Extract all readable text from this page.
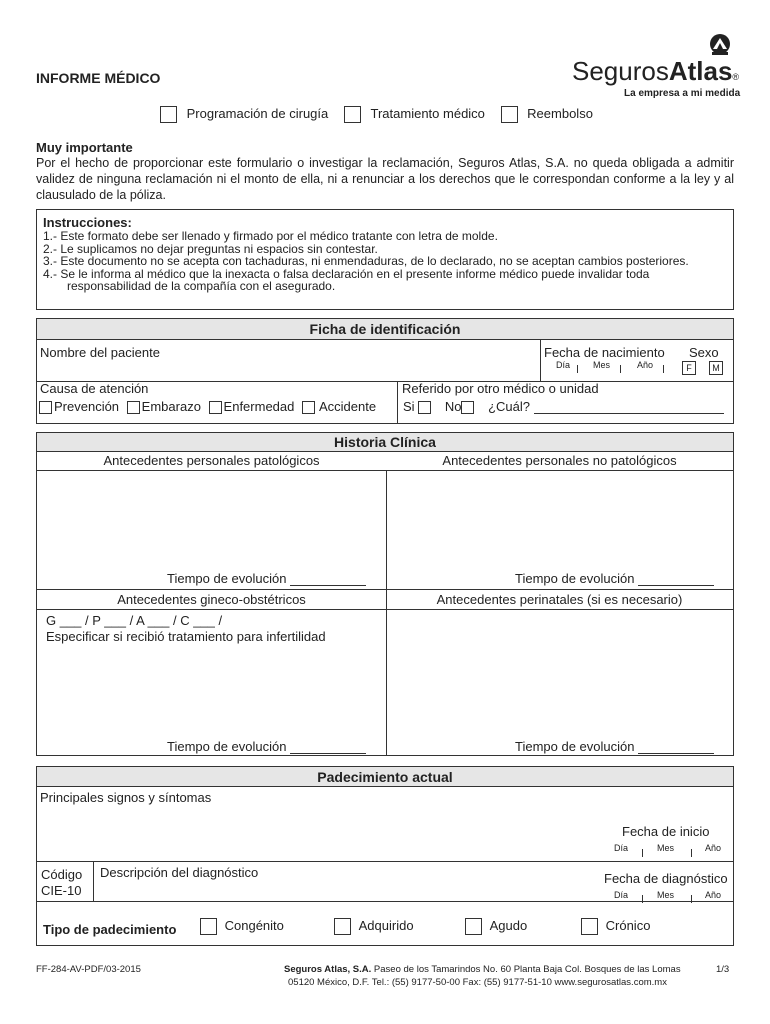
INFORME MÉDICO	SegurosAtlas®
La empresa a mi medida
Programación de cirugía	Tratamiento médico	Reembolso
Muy importante
Por el hecho de proporcionar este formulario o investigar la reclamación, Seguros Atlas, S.A. no queda obligada a admitir validez de ninguna reclamación ni el monto de ella, ni a renunciar a los derechos que le correspondan conforme a la ley y al clausulado de la póliza.
Instrucciones:
1.- Este formato debe ser llenado y firmado por el médico tratante con letra de molde.
2.- Le suplicamos no dejar preguntas ni espacios sin contestar.
3.- Este documento no se acepta con tachaduras, ni enmendaduras, de lo declarado, no se aceptan cambios posteriores.
4.- Se le informa al médico que la inexacta o falsa declaración en el presente informe médico puede invalidar toda responsabilidad de la compañía con el asegurado.
Ficha de identificación
Nombre del paciente	Fecha de nacimiento Sexo
Día	Mes	Año	F	M
Causa de atención
Prevención Embarazo Enfermedad Accidente
Referido por otro médico o unidad
Si No ¿Cuál?
Historia Clínica
Antecedentes personales patológicos	Antecedentes personales no patológicos
Tiempo de evolución	Tiempo de evolución
Antecedentes gineco-obstétricos	Antecedentes perinatales (si es necesario)
G ___ / P ___ / A ___ / C ___ /
Especificar si recibió tratamiento para infertilidad
Tiempo de evolución	Tiempo de evolución
Padecimiento actual
Principales signos y síntomas
Fecha de inicio
Día	Mes	Año
Código
CIE-10
Descripción del diagnóstico	Fecha de diagnóstico
Día	Mes	Año
Tipo de padecimiento	Congénito	Adquirido	Agudo	Crónico
FF-284-AV-PDF/03-2015	Seguros Atlas, S.A. Paseo de los Tamarindos No. 60 Planta Baja Col. Bosques de las Lomas
05120 México, D.F. Tel.: (55) 9177-50-00 Fax: (55) 9177-51-10 www.segurosatlas.com.mx
1/3
